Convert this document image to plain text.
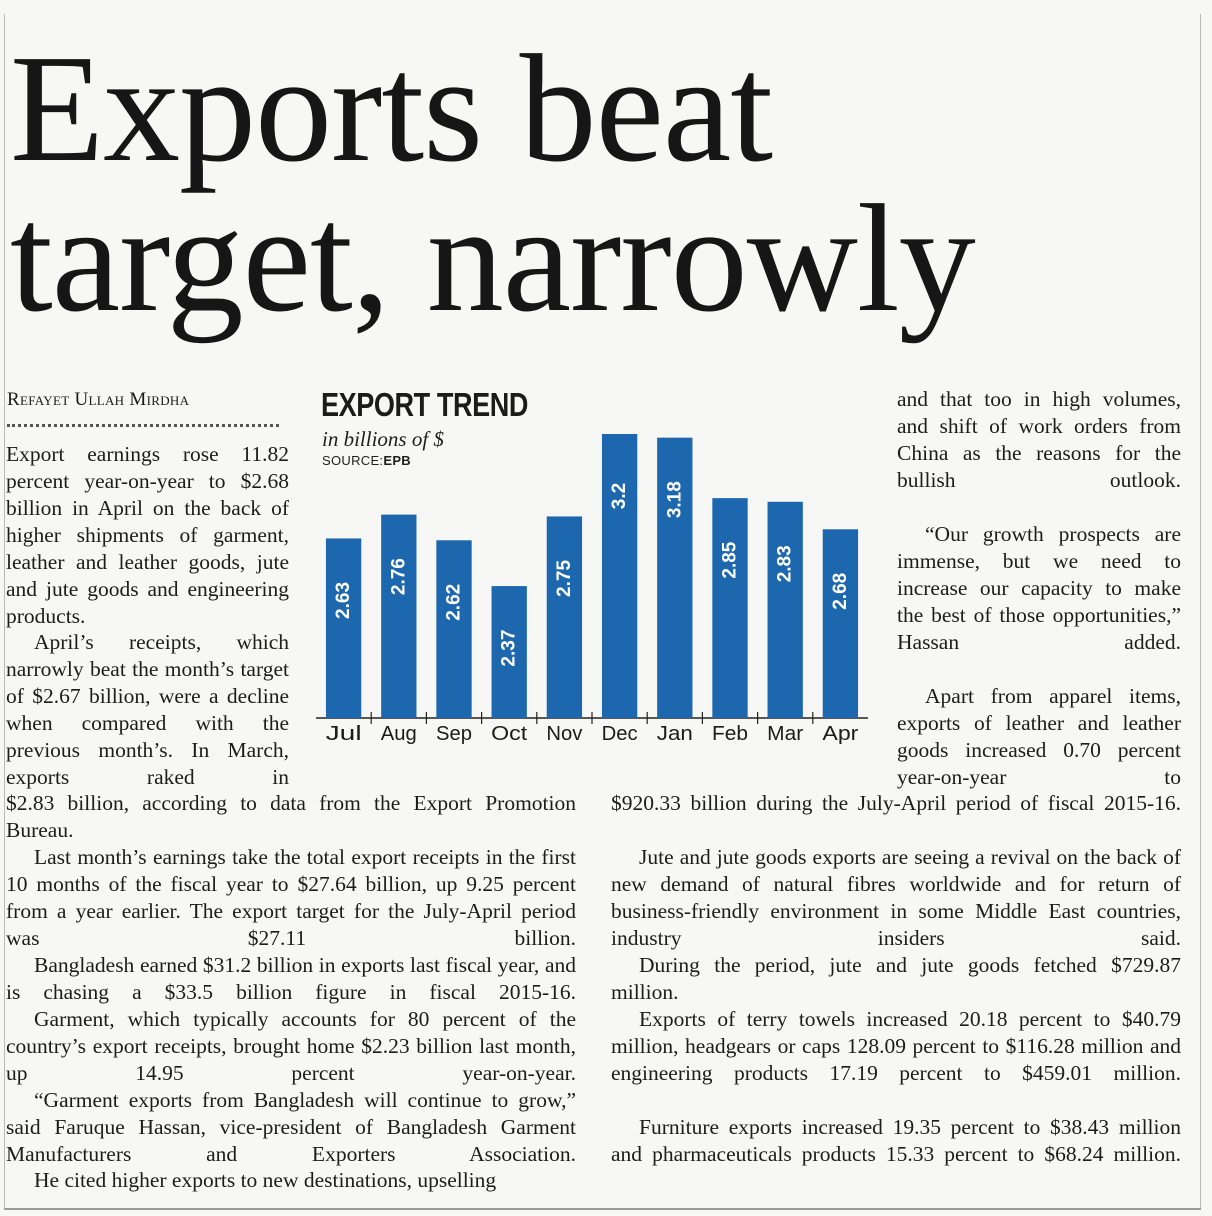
Exports beat
target, narrowly

Refayet Ullah Mirdha

Export earnings rose 11.82 percent year-on-year to $2.68 billion in April on the back of higher shipments of garment, leather and leather goods, jute and jute goods and engineering products.

April’s receipts, which narrowly beat the month’s target of $2.67 billion, were a decline when compared with the previous month’s. In March, exports raked in

$2.83 billion, according to data from the Export Promotion Bureau.

Last month’s earnings take the total export receipts in the first 10 months of the fiscal year to $27.64 billion, up 9.25 percent from a year earlier. The export target for the July-April period was $27.11 billion.

Bangladesh earned $31.2 billion in exports last fiscal year, and is chasing a $33.5 billion figure in fiscal 2015-16.

Garment, which typically accounts for 80 percent of the country’s export receipts, brought home $2.23 billion last month, up 14.95 percent year-on-year.

“Garment exports from Bangladesh will continue to grow,” said Faruque Hassan, vice-president of Bangladesh Garment Manufacturers and Exporters Association.

He cited higher exports to new destinations, upselling

and that too in high volumes, and shift of work orders from China as the reasons for the bullish outlook.

“Our growth prospects are immense, but we need to increase our capacity to make the best of those opportunities,” Hassan added.

Apart from apparel items, exports of leather and leather goods increased 0.70 percent year-on-year to

$920.33 billion during the July-April period of fiscal 2015-16.

Jute and jute goods exports are seeing a revival on the back of new demand of natural fibres worldwide and for return of business-friendly environment in some Middle East countries, industry insiders said.

During the period, jute and jute goods fetched $729.87 million.

Exports of terry towels increased 20.18 percent to $40.79 million, headgears or caps 128.09 percent to $116.28 million and engineering products 17.19 percent to $459.01 million.

Furniture exports increased 19.35 percent to $38.43 million and pharmaceuticals products 15.33 percent to $68.24 million.

2.63
Jul
2.76
Aug
2.62
Sep
2.37
Oct
2.75
Nov
3.2
Dec
3.18
Jan
2.85
Feb
2.83
Mar
2.68
Apr

EXPORT TREND

in billions of $

SOURCE:EPB
